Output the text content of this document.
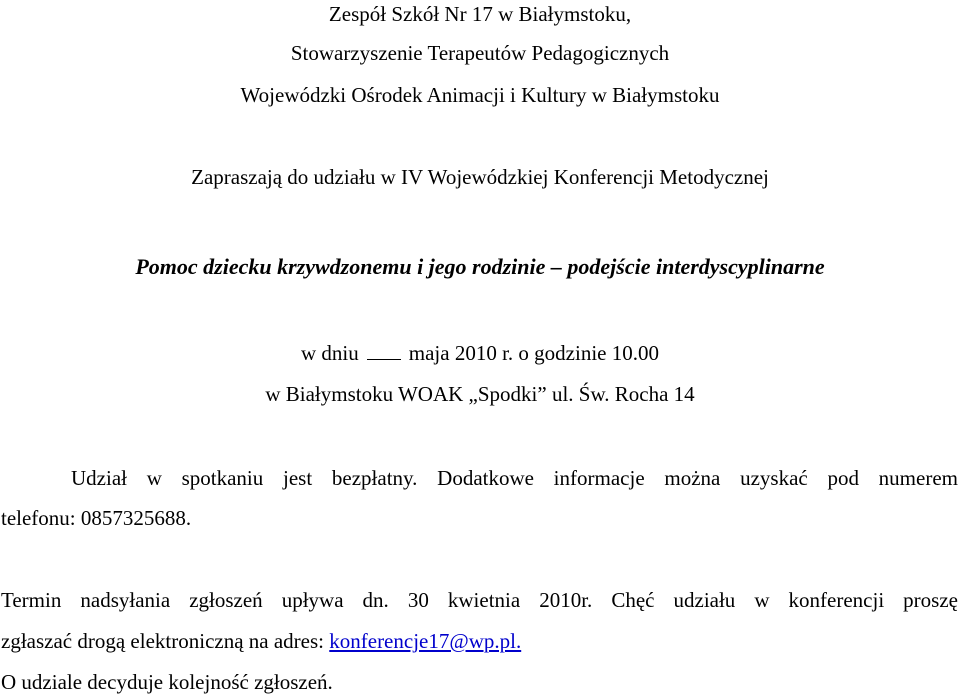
Zespół Szkół Nr 17 w Białymstoku,
Stowarzyszenie Terapeutów Pedagogicznych
Wojewódzki Ośrodek Animacji i Kultury w Białymstoku
Zapraszają do udziału w IV Wojewódzkiej Konferencji Metodycznej
Pomoc dziecku krzywdzonemu i jego rodzinie – podejście interdyscyplinarne
w dniu maja 2010 r. o godzinie 10.00
w Białymstoku WOAK „Spodki” ul. Św. Rocha 14
Udział w spotkaniu jest bezpłatny. Dodatkowe informacje można uzyskać pod numerem
telefonu: 0857325688.
Termin nadsyłania zgłoszeń upływa dn. 30 kwietnia 2010r. Chęć udziału w konferencji proszę
zgłaszać drogą elektroniczną na adres: konferencje17@wp.pl.
O udziale decyduje kolejność zgłoszeń.
